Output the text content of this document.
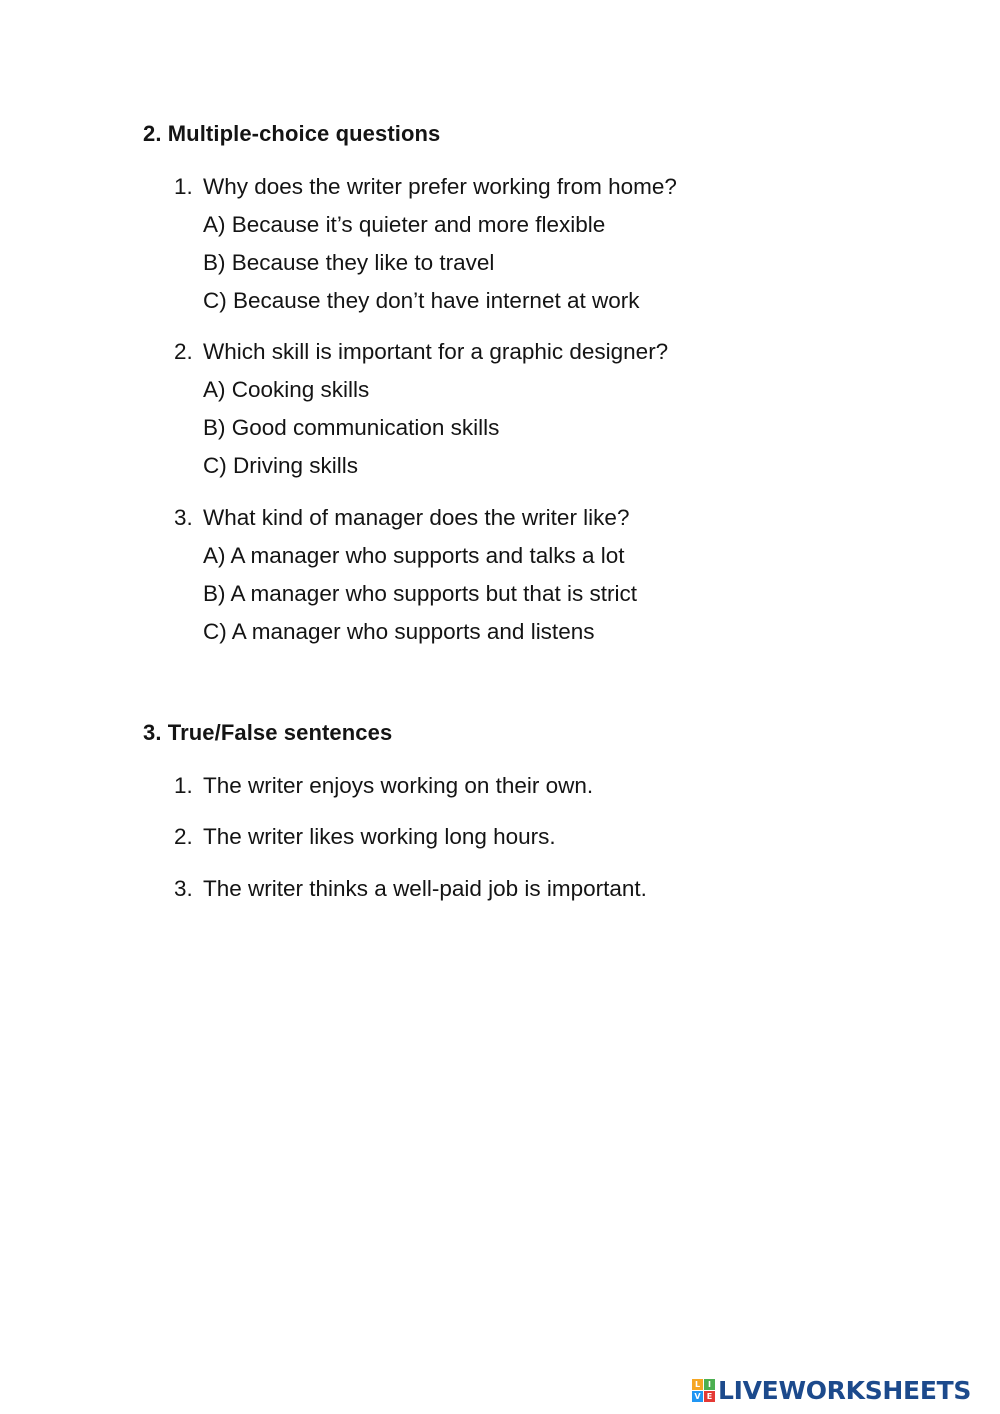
2. Multiple-choice questions
1. Why does the writer prefer working from home?
A) Because it’s quieter and more flexible
B) Because they like to travel
C) Because they don’t have internet at work
2. Which skill is important for a graphic designer?
A) Cooking skills
B) Good communication skills
C) Driving skills
3. What kind of manager does the writer like?
A) A manager who supports and talks a lot
B) A manager who supports but that is strict
C) A manager who supports and listens
3. True/False sentences
1. The writer enjoys working on their own.
2. The writer likes working long hours.
3. The writer thinks a well-paid job is important.
L I
V E LIVEWORKSHEETS
